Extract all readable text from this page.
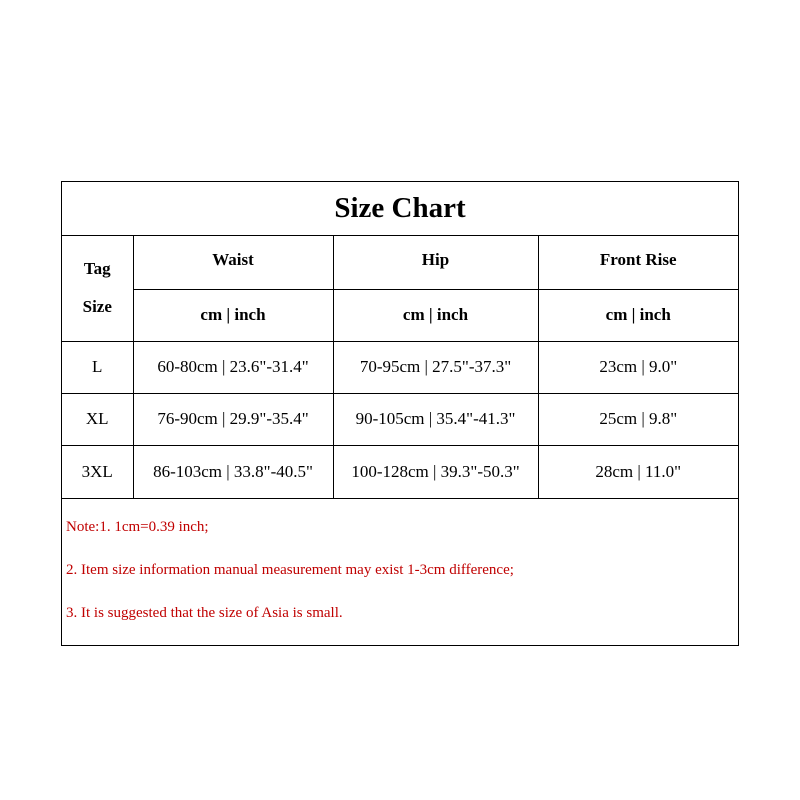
Size Chart
Tag
Size	Waist	Hip	Front Rise
	cm | inch	cm | inch	cm | inch
L	60-80cm | 23.6"-31.4"	70-95cm | 27.5"-37.3"	23cm | 9.0"
XL	76-90cm | 29.9"-35.4"	90-105cm | 35.4"-41.3"	25cm | 9.8"
3XL	86-103cm | 33.8"-40.5"	100-128cm | 39.3"-50.3"	28cm | 11.0"
Note:1. 1cm=0.39 inch;
2. Item size information manual measurement may exist 1-3cm difference;
3. It is suggested that the size of Asia is small.
